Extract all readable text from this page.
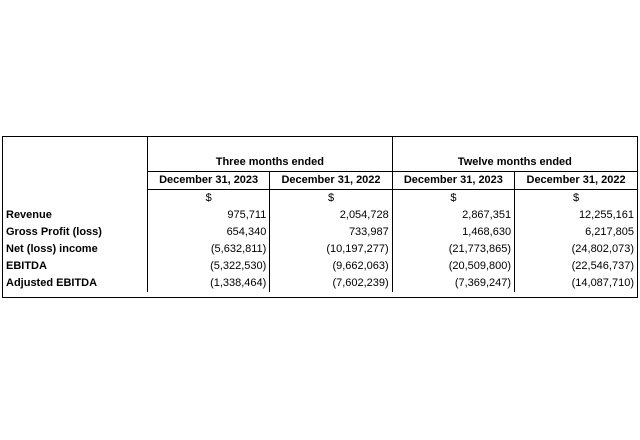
	Three months ended		Twelve months ended	
	December 31, 2023	December 31, 2022	December 31, 2023	December 31, 2022
	$	$	$	$
Revenue	975,711	2,054,728	2,867,351	12,255,161
Gross Profit (loss)	654,340	733,987	1,468,630	6,217,805
Net (loss) income	(5,632,811)	(10,197,277)	(21,773,865)	(24,802,073)
EBITDA	(5,322,530)	(9,662,063)	(20,509,800)	(22,546,737)
Adjusted EBITDA	(1,338,464)	(7,602,239)	(7,369,247)	(14,087,710)
